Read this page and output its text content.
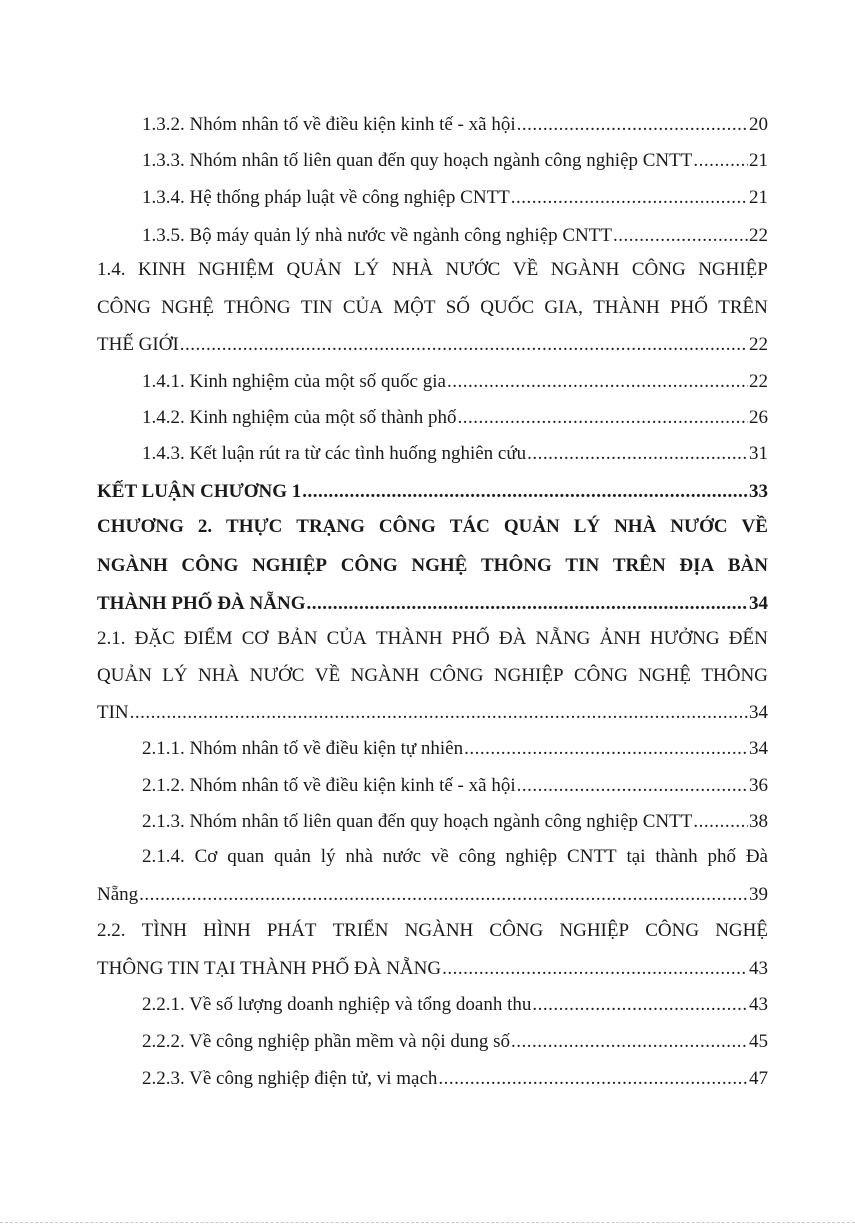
1.3.2. Nhóm nhân tố về điều kiện kinh tế - xã hội .....	20
1.3.3. Nhóm nhân tố liên quan đến quy hoạch ngành công nghiệp CNTT .....	21
1.3.4. Hệ thống pháp luật về công nghiệp CNTT .....	21
1.3.5. Bộ máy quản lý nhà nước về ngành công nghiệp CNTT .....	22
1.4. KINH NGHIỆM QUẢN LÝ NHÀ NƯỚC VỀ NGÀNH CÔNG NGHIỆP
CÔNG NGHỆ THÔNG TIN CỦA MỘT SỐ QUỐC GIA, THÀNH PHỐ TRÊN
THẾ GIỚI .....	22
1.4.1. Kinh nghiệm của một số quốc gia .....	22
1.4.2. Kinh nghiệm của một số thành phố .....	26
1.4.3. Kết luận rút ra từ các tình huống nghiên cứu .....	31
KẾT LUẬN CHƯƠNG 1 .....	33
CHƯƠNG 2. THỰC TRẠNG CÔNG TÁC QUẢN LÝ NHÀ NƯỚC VỀ
NGÀNH CÔNG NGHIỆP CÔNG NGHỆ THÔNG TIN TRÊN ĐỊA BÀN
THÀNH PHỐ ĐÀ NẴNG .....	34
2.1. ĐẶC ĐIỂM CƠ BẢN CỦA THÀNH PHỐ ĐÀ NẴNG ẢNH HƯỞNG ĐẾN
QUẢN LÝ NHÀ NƯỚC VỀ NGÀNH CÔNG NGHIỆP CÔNG NGHỆ THÔNG
TIN .....	34
2.1.1. Nhóm nhân tố về điều kiện tự nhiên .....	34
2.1.2. Nhóm nhân tố về điều kiện kinh tế - xã hội .....	36
2.1.3. Nhóm nhân tố liên quan đến quy hoạch ngành công nghiệp CNTT .....	38
2.1.4. Cơ quan quản lý nhà nước về công nghiệp CNTT tại thành phố Đà
Nẵng .....	39
2.2. TÌNH HÌNH PHÁT TRIỂN NGÀNH CÔNG NGHIỆP CÔNG NGHỆ
THÔNG TIN TẠI THÀNH PHỐ ĐÀ NẴNG .....	43
2.2.1. Về số lượng doanh nghiệp và tổng doanh thu .....	43
2.2.2. Về công nghiệp phần mềm và nội dung số .....	45
2.2.3. Về công nghiệp điện tử, vi mạch .....	47
